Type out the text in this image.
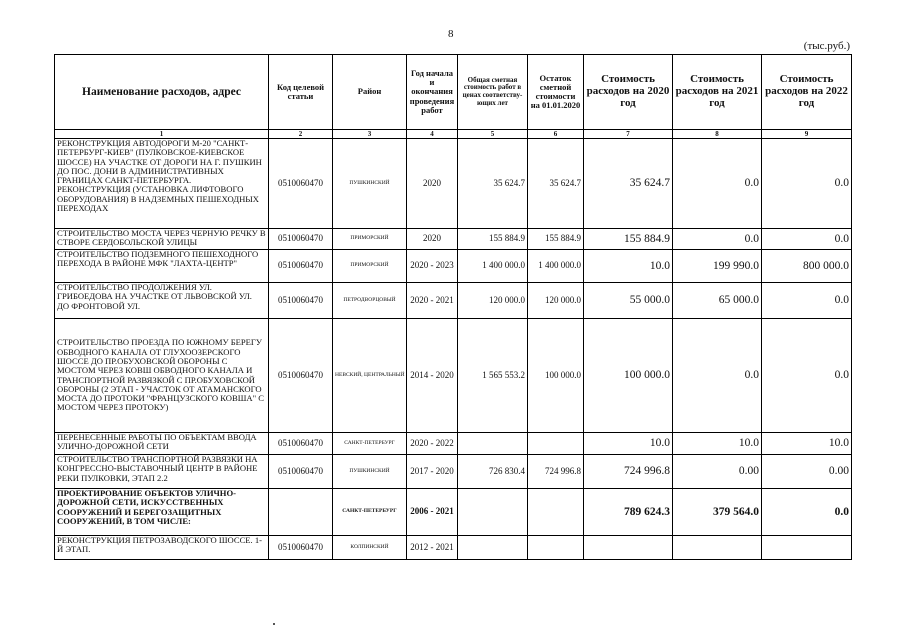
8
(тыс.руб.)
Наименование расходов, адрес	Код целевой статьи	Район	Год начала и окончания проведения работ	Общая сметная стоимость работ в ценах соответству-ющих лет	Остаток сметной стоимости на 01.01.2020	Стоимость расходов на 2020 год	Стоимость расходов на 2021 год	Стоимость расходов на 2022 год
1	2	3	4	5	6	7	8	9
РЕКОНСТРУКЦИЯ АВТОДОРОГИ М-20 "САНКТ-ПЕТЕРБУРГ-КИЕВ" (ПУЛКОВСКОЕ-КИЕВСКОЕ ШОССЕ) НА УЧАСТКЕ ОТ ДОРОГИ НА Г. ПУШКИН ДО ПОС. ДОНИ В АДМИНИСТРАТИВНЫХ ГРАНИЦАХ САНКТ-ПЕТЕРБУРГА. РЕКОНСТРУКЦИЯ (УСТАНОВКА ЛИФТОВОГО ОБОРУДОВАНИЯ) В НАДЗЕМНЫХ ПЕШЕХОДНЫХ ПЕРЕХОДАХ	0510060470	ПУШКИНСКИЙ	2020	35 624.7	35 624.7	35 624.7	0.0	0.0
СТРОИТЕЛЬСТВО МОСТА ЧЕРЕЗ ЧЕРНУЮ РЕЧКУ В СТВОРЕ СЕРДОБОЛЬСКОЙ УЛИЦЫ	0510060470	ПРИМОРСКИЙ	2020	155 884.9	155 884.9	155 884.9	0.0	0.0
СТРОИТЕЛЬСТВО ПОДЗЕМНОГО ПЕШЕХОДНОГО ПЕРЕХОДА В РАЙОНЕ МФК "ЛАХТА-ЦЕНТР"	0510060470	ПРИМОРСКИЙ	2020 - 2023	1 400 000.0	1 400 000.0	10.0	199 990.0	800 000.0
СТРОИТЕЛЬСТВО ПРОДОЛЖЕНИЯ УЛ. ГРИБОЕДОВА НА УЧАСТКЕ ОТ ЛЬВОВСКОЙ УЛ. ДО ФРОНТОВОЙ УЛ.	0510060470	ПЕТРОДВОРЦОВЫЙ	2020 - 2021	120 000.0	120 000.0	55 000.0	65 000.0	0.0
СТРОИТЕЛЬСТВО ПРОЕЗДА ПО ЮЖНОМУ БЕРЕГУ ОБВОДНОГО КАНАЛА ОТ ГЛУХООЗЕРСКОГО ШОССЕ ДО ПР.ОБУХОВСКОЙ ОБОРОНЫ С МОСТОМ ЧЕРЕЗ КОВШ ОБВОДНОГО КАНАЛА И ТРАНСПОРТНОЙ РАЗВЯЗКОЙ С ПР.ОБУХОВСКОЙ ОБОРОНЫ (2 ЭТАП - УЧАСТОК ОТ АТАМАНСКОГО МОСТА ДО ПРОТОКИ "ФРАНЦУЗСКОГО КОВША" С МОСТОМ ЧЕРЕЗ ПРОТОКУ)	0510060470	НЕВСКИЙ, ЦЕНТРАЛЬНЫЙ	2014 - 2020	1 565 553.2	100 000.0	100 000.0	0.0	0.0
ПЕРЕНЕСЕННЫЕ РАБОТЫ ПО ОБЪЕКТАМ ВВОДА УЛИЧНО-ДОРОЖНОЙ СЕТИ	0510060470	САНКТ-ПЕТЕРБУРГ	2020 - 2022			10.0	10.0	10.0
СТРОИТЕЛЬСТВО ТРАНСПОРТНОЙ РАЗВЯЗКИ НА КОНГРЕССНО-ВЫСТАВОЧНЫЙ ЦЕНТР В РАЙОНЕ РЕКИ ПУЛКОВКИ, ЭТАП 2.2	0510060470	ПУШКИНСКИЙ	2017 - 2020	726 830.4	724 996.8	724 996.8	0.00	0.00
ПРОЕКТИРОВАНИЕ ОБЪЕКТОВ УЛИЧНО-ДОРОЖНОЙ СЕТИ, ИСКУССТВЕННЫХ СООРУЖЕНИЙ И БЕРЕГОЗАЩИТНЫХ СООРУЖЕНИЙ, В ТОМ ЧИСЛЕ:		САНКТ-ПЕТЕРБУРГ	2006 - 2021			789 624.3	379 564.0	0.0
РЕКОНСТРУКЦИЯ ПЕТРОЗАВОДСКОГО ШОССЕ. 1-Й ЭТАП.	0510060470	КОЛПИНСКИЙ	2012 - 2021					
